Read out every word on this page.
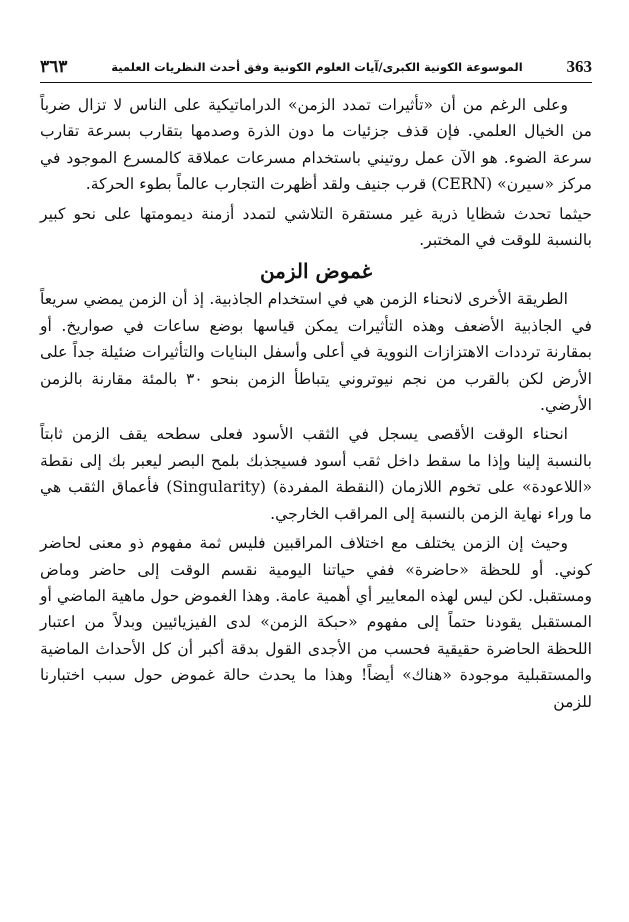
٣٦٣	الموسوعة الكونية الكبرى/آيات العلوم الكونية وفق أحدث النظريات العلمية	363

وعلى الرغم من أن «تأثيرات تمدد الزمن» الدراماتيكية على الناس لا تزال ضرباً من الخيال العلمي. فإن قذف جزئيات ما دون الذرة وصدمها بتقارب بسرعة تقارب سرعة الضوء. هو الآن عمل روتيني باستخدام مسرعات عملاقة كالمسرع الموجود في مركز «سيرن» (CERN) قرب جنيف ولقد أظهرت التجارب عالماً بطوء الحركة.

حيثما تحدث شظايا ذرية غير مستقرة التلاشي لتمدد أزمنة ديمومتها على نحو كبير بالنسبة للوقت في المختبر.

غموض الزمن

الطريقة الأخرى لانحناء الزمن هي في استخدام الجاذبية. إذ أن الزمن يمضي سريعاً في الجاذبية الأضعف وهذه التأثيرات يمكن قياسها بوضع ساعات في صواريخ. أو بمقارنة ترددات الاهتزازات النووية في أعلى وأسفل البنايات والتأثيرات ضئيلة جداً على الأرض لكن بالقرب من نجم نيوتروني يتباطأ الزمن بنحو ٣٠ بالمئة مقارنة بالزمن الأرضي.

انحناء الوقت الأقصى يسجل في الثقب الأسود فعلى سطحه يقف الزمن ثابتاً بالنسبة إلينا وإذا ما سقط داخل ثقب أسود فسيجذبك بلمح البصر ليعبر بك إلى نقطة «اللاعودة» على تخوم اللازمان (النقطة المفردة) (Singularity) فأعماق الثقب هي ما وراء نهاية الزمن بالنسبة إلى المراقب الخارجي.

وحيث إن الزمن يختلف مع اختلاف المراقبين فليس ثمة مفهوم ذو معنى لحاضر كوني. أو للحظة «حاضرة» ففي حياتنا اليومية نقسم الوقت إلى حاضر وماض ومستقبل. لكن ليس لهذه المعايير أي أهمية عامة. وهذا الغموض حول ماهية الماضي أو المستقبل يقودنا حتماً إلى مفهوم «حبكة الزمن» لدى الفيزيائيين وبدلاً من اعتبار اللحظة الحاضرة حقيقية فحسب من الأجدى القول بدقة أكبر أن كل الأحداث الماضية والمستقبلية موجودة «هناك» أيضاً! وهذا ما يحدث حالة غموض حول سبب اختبارنا للزمن
